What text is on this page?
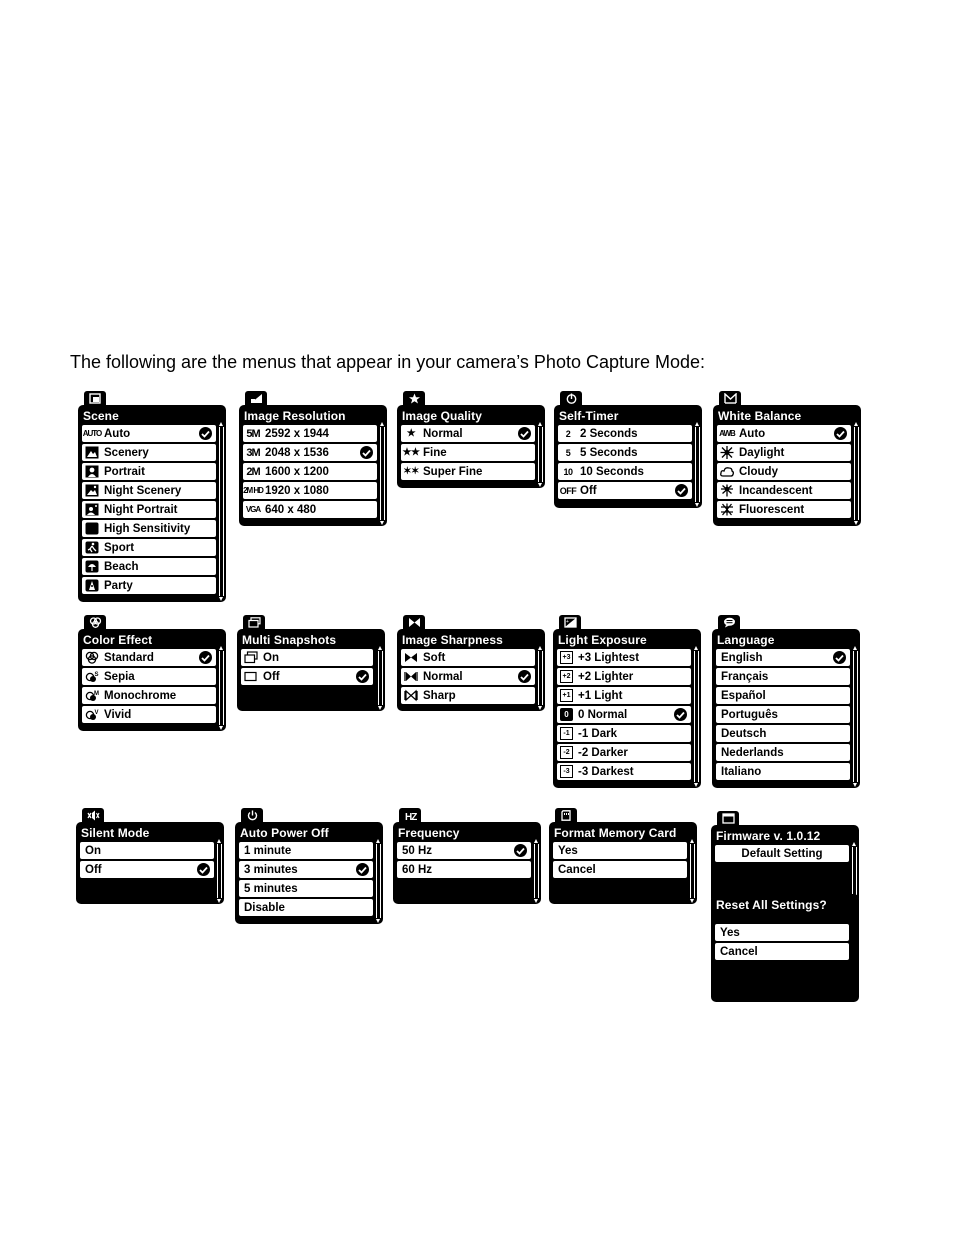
The following are the menus that appear in your camera’s Photo Capture Mode:
Scene
AUTO Auto
Scenery
Portrait
Night Scenery
Night Portrait
High Sensitivity
Sport
Beach
Party
Image Resolution
5M 2592 x 1944
3M 2048 x 1536
2M 1600 x 1200
2M HD 1920 x 1080
VGA 640 x 480
Image Quality
★ Normal
★★ Fine
✶✶ Super Fine
Self-Timer
2 2 Seconds
5 5 Seconds
10 10 Seconds
OFF Off
White Balance
AWB Auto
Daylight
Cloudy
Incandescent
Fluorescent
Color Effect
Standard
S Sepia
M Monochrome
V Vivid
Multi Snapshots
On
Off
Image Sharpness
Soft
Normal
Sharp
+
Light Exposure
+3 +3 Lightest
+2 +2 Lighter
+1 +1 Light
0 0 Normal
-1 -1 Dark
-2 -2 Darker
-3 -3 Darkest
Language
English
Français
Español
Português
Deutsch
Nederlands
Italiano
Silent Mode
On
Off
Auto Power Off
1 minute
3 minutes
5 minutes
Disable
HZ
Frequency
50 Hz
60 Hz
Format Memory Card
Yes
Cancel
Firmware v. 1.0.12
Default Setting
Reset All Settings?
Yes
Cancel
